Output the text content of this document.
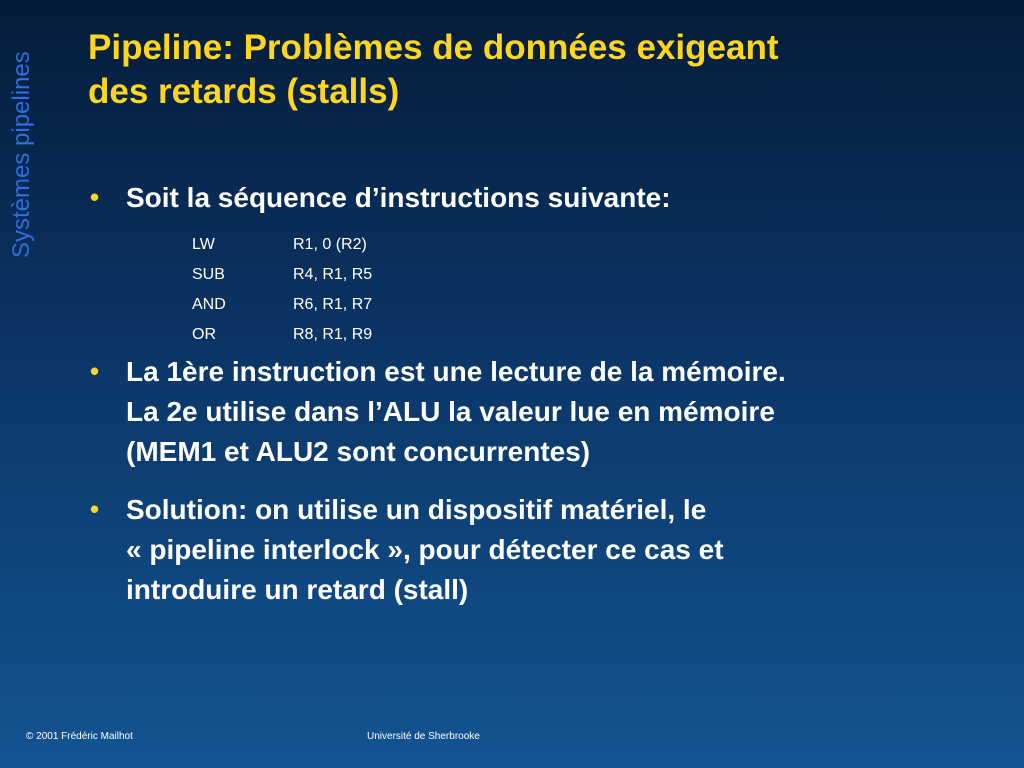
Systèmes pipelines
Pipeline: Problèmes de données exigeant
des retards (stalls)
• Soit la séquence d’instructions suivante:
LW	R1, 0 (R2)
SUB	R4, R1, R5
AND	R6, R1, R7
OR	R8, R1, R9
• La 1ère instruction est une lecture de la mémoire.
La 2e utilise dans l’ALU la valeur lue en mémoire
(MEM1 et ALU2 sont concurrentes)
• Solution: on utilise un dispositif matériel, le
« pipeline interlock », pour détecter ce cas et
introduire un retard (stall)
© 2001 Frédéric Mailhot	Université de Sherbrooke
